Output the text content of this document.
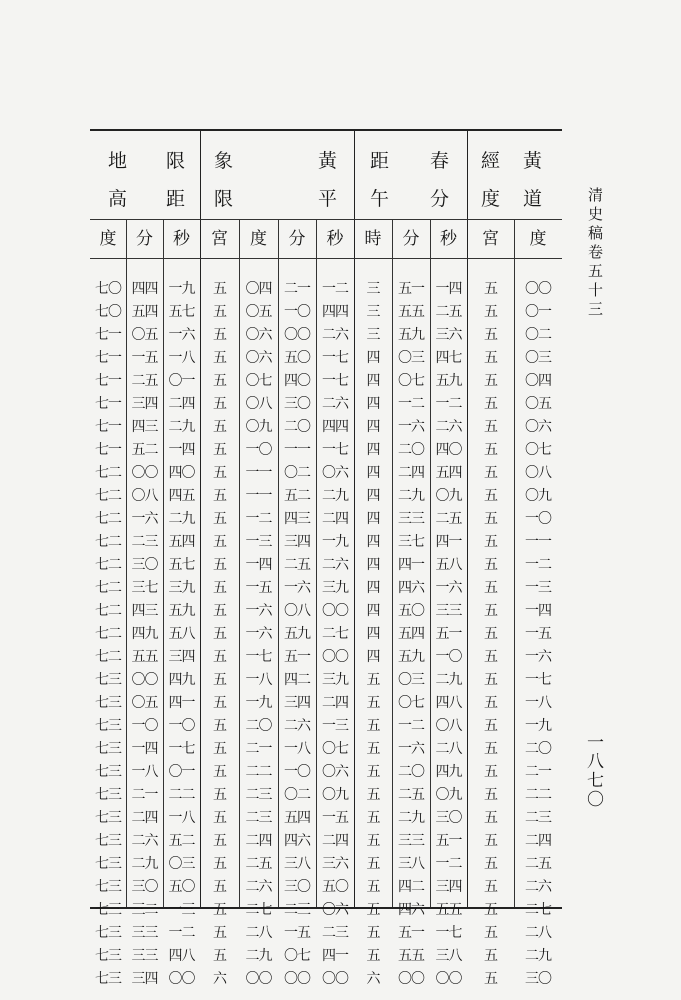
地 限
高 距
象	黃
限	平
距 春
午 分
經 黃
度 道
度	分	秒	宮	度	分	秒	時	分	秒	宮	度
七〇 四四 一九	五	〇四 二一 一二	三	五一 一四	五	〇〇
七〇 五四 五七	五	〇五 一〇 四四	三	五五 二五	五	〇一
七一 〇五 一六	五	〇六 〇〇 二六	三	五九 三六	五	〇二
七一 一五 一八	五	〇六 五〇 一七	四	〇三 四七	五	〇三
七一 二五 〇一	五	〇七 四〇 一七	四	〇七 五九	五	〇四
七一 三四 二四	五	〇八 三〇 二六	四	一二 一二	五	〇五
七一 四三 二九	五	〇九 二〇 四四	四	一六 二六	五	〇六
七一 五二 一四	五	一〇 一一 一七	四	二〇 四〇	五	〇七
七二 〇〇 四〇	五	一一 〇二 〇六	四	二四 五四	五	〇八
七二 〇八 四五	五	一一 五二 二九	四	二九 〇九	五	〇九
七二 一六 二九	五	一二 四三 二四	四	三三 二五	五	一〇
七二 二三 五四	五	一三 三四 一九	四	三七 四一	五	一一
七二 三〇 五七	五	一四 二五 二六	四	四一 五八	五	一二
七二 三七 三九	五	一五 一六 三九	四	四六 一六	五	一三
七二 四三 五九	五	一六 〇八 〇〇	四	五〇 三三	五	一四
七二 四九 五八	五	一六 五九 二七	四	五四 五一	五	一五
七二 五五 三四	五	一七 五一 〇〇	四	五九 一〇	五	一六
七三 〇〇 四九	五	一八 四二 三九	五	〇三 二九	五	一七
七三 〇五 四一	五	一九 三四 二四	五	〇七 四八	五	一八
七三 一〇 一〇	五	二〇 二六 一三	五	一二 〇八	五	一九
七三 一四 一七	五	二一 一八 〇七	五	一六 二八	五	二〇
七三 一八 〇一	五	二二 一〇 〇六	五	二〇 四九	五	二一
七三 二一 二二	五	二三 〇二 〇九	五	二五 〇九	五	二二
七三 二四 一八	五	二三 五四 一五	五	二九 三〇	五	二三
七三 二六 五二	五	二四 四六 二四	五	三三 五一	五	二四
七三 二九 〇三	五	二五 三八 三六	五	三八 一二	五	二五
七三 三〇 五〇	五	二六 三〇 五〇	五	四二 三四	五	二六
七三 三二 一三	五	二七 二三 〇六	五	四六 五五	五	二七
七三 三三 一二	五	二八 一五 二三	五	五一 一七	五	二八
七三 三三 四八	五	二九 〇七 四一	五	五五 三八	五	二九
七三 三四 〇〇	六	〇〇 〇〇 〇〇	六	〇〇 〇〇	五	三〇
清史稿卷五十三
一八七〇
